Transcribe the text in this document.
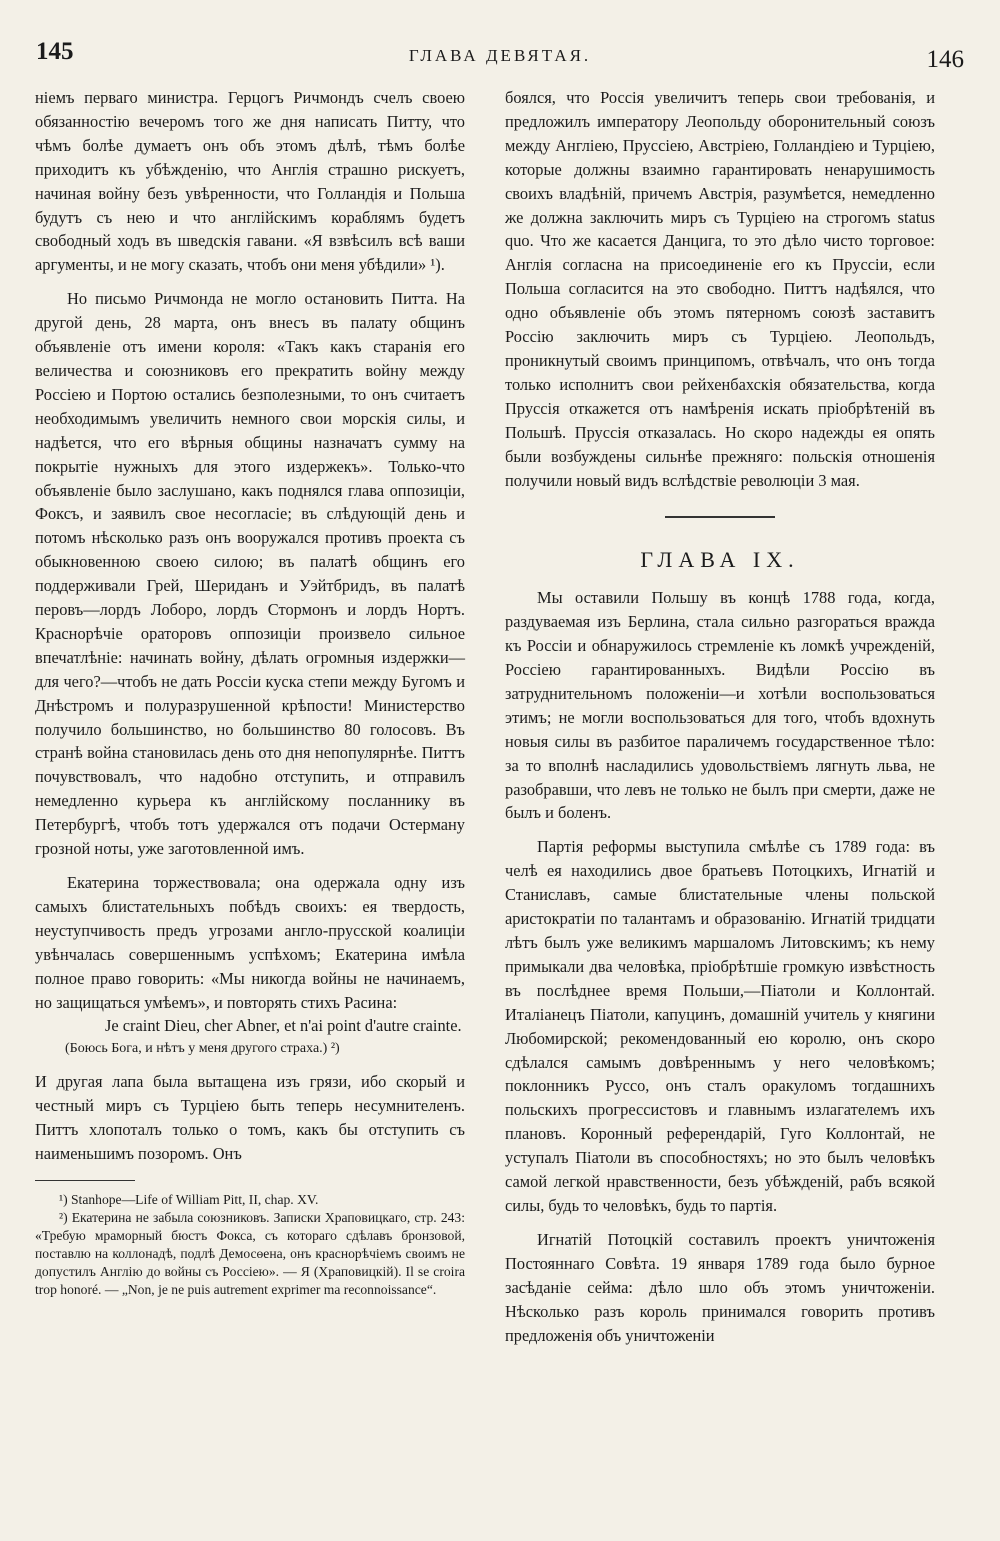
145	ГЛАВА ДЕВЯТАЯ.	146

ніемъ перваго министра. Герцогъ Ричмондъ счелъ своею обязанностію вечеромъ того же дня написать Питту, что чѣмъ болѣе думаетъ онъ объ этомъ дѣлѣ, тѣмъ болѣе приходитъ къ убѣжденію, что Англія страшно рискуетъ, начиная войну безъ увѣренности, что Голландія и Польша будутъ съ нею и что англійскимъ кораблямъ будетъ свободный ходъ въ шведскія гавани. «Я взвѣсилъ всѣ ваши аргументы, и не могу сказать, чтобъ они меня убѣдили» ¹).

Но письмо Ричмонда не могло остановить Питта. На другой день, 28 марта, онъ внесъ въ палату общинъ объявленіе отъ имени короля: «Такъ какъ старанія его величества и союзниковъ его прекратить войну между Россіею и Портою остались безполезными, то онъ считаетъ необходимымъ увеличить немного свои морскія силы, и надѣется, что его вѣрныя общины назначатъ сумму на покрытіе нужныхъ для этого издержекъ». Только-что объявленіе было заслушано, какъ поднялся глава оппозиціи, Фоксъ, и заявилъ свое несогласіе; въ слѣдующій день и потомъ нѣсколько разъ онъ вооружался противъ проекта съ обыкновенною своею силою; въ палатѣ общинъ его поддерживали Грей, Шериданъ и Уэйтбридъ, въ палатѣ перовъ—лордъ Лоборо, лордъ Стормонъ и лордъ Нортъ. Краснорѣчіе ораторовъ оппозиціи произвело сильное впечатлѣніе: начинать войну, дѣлать огромныя издержки—для чего?—чтобъ не дать Россіи куска степи между Бугомъ и Днѣстромъ и полуразрушенной крѣпости! Министерство получило большинство, но большинство 80 голосовъ. Въ странѣ война становилась день ото дня непопулярнѣе. Питтъ почувствовалъ, что надобно отступить, и отправилъ немедленно курьера къ англійскому посланнику въ Петербургѣ, чтобъ тотъ удержался отъ подачи Остерману грозной ноты, уже заготовленной имъ.

Екатерина торжествовала; она одержала одну изъ самыхъ блистательныхъ побѣдъ своихъ: ея твердость, неуступчивость предъ угрозами англо-прусской коалиціи увѣнчалась совершеннымъ успѣхомъ; Екатерина имѣла полное право говорить: «Мы никогда войны не начинаемъ, но защищаться умѣемъ», и повторять стихъ Расина:

Je craint Dieu, cher Abner, et n'ai point d'autre crainte.
(Боюсь Бога, и нѣтъ у меня другого страха.) ²)

И другая лапа была вытащена изъ грязи, ибо скорый и честный миръ съ Турціею быть теперь несумнителенъ. Питтъ хлопоталъ только о томъ, какъ бы отступить съ наименьшимъ позоромъ. Онъ

¹) Stanhope—Life of William Pitt, II, chap. XV.

²) Екатерина не забыла союзниковъ. Записки Храповицкаго, стр. 243: «Требую мраморный бюстъ Фокса, съ котораго сдѣлавъ бронзовой, поставлю на коллонадѣ, подлѣ Демосѳена, онъ краснорѣчіемъ своимъ не допустилъ Англію до войны съ Россіею». — Я (Храповицкій). Il se croira trop honoré. — „Non, je ne puis autrement exprimer ma reconnoissance“.

боялся, что Россія увеличитъ теперь свои требованія, и предложилъ императору Леопольду оборонительный союзъ между Англіею, Пруссіею, Австріею, Голландіею и Турціею, которые должны взаимно гарантировать ненарушимость своихъ владѣній, причемъ Австрія, разумѣется, немедленно же должна заключить миръ съ Турціею на строгомъ status quo. Что же касается Данцига, то это дѣло чисто торговое: Англія согласна на присоединеніе его къ Пруссіи, если Польша согласится на это свободно. Питтъ надѣялся, что одно объявленіе объ этомъ пятерномъ союзѣ заставитъ Россію заключить миръ съ Турціею. Леопольдъ, проникнутый своимъ принципомъ, отвѣчалъ, что онъ тогда только исполнитъ свои рейхенбахскія обязательства, когда Пруссія откажется отъ намѣренія искать пріобрѣтеній въ Польшѣ. Пруссія отказалась. Но скоро надежды ея опять были возбуждены сильнѣе прежняго: польскія отношенія получили новый видъ вслѣдствіе революціи 3 мая.

ГЛАВА IX.

Мы оставили Польшу въ концѣ 1788 года, когда, раздуваемая изъ Берлина, стала сильно разгораться вражда къ Россіи и обнаружилось стремленіе къ ломкѣ учрежденій, Россіею гарантированныхъ. Видѣли Россію въ затруднительномъ положеніи—и хотѣли воспользоваться этимъ; не могли воспользоваться для того, чтобъ вдохнуть новыя силы въ разбитое параличемъ государственное тѣло: за то вполнѣ насладились удовольствіемъ лягнуть льва, не разобравши, что левъ не только не былъ при смерти, даже не былъ и боленъ.

Партія реформы выступила смѣлѣе съ 1789 года: въ челѣ ея находились двое братьевъ Потоцкихъ, Игнатій и Станиславъ, самые блистательные члены польской аристократіи по талантамъ и образованію. Игнатій тридцати лѣтъ былъ уже великимъ маршаломъ Литовскимъ; къ нему примыкали два человѣка, пріобрѣтшіе громкую извѣстность въ послѣднее время Польши,—Піатоли и Коллонтай. Италіанецъ Піатоли, капуцинъ, домашній учитель у княгини Любомирской; рекомендованный ею королю, онъ скоро сдѣлался самымъ довѣреннымъ у него человѣкомъ; поклонникъ Руссо, онъ сталъ оракуломъ тогдашнихъ польскихъ прогрессистовъ и главнымъ излагателемъ ихъ плановъ. Коронный референдарій, Гуго Коллонтай, не уступалъ Піатоли въ способностяхъ; но это былъ человѣкъ самой легкой нравственности, безъ убѣжденій, рабъ всякой силы, будь то человѣкъ, будь то партія.

Игнатій Потоцкій составилъ проектъ уничтоженія Постояннаго Совѣта. 19 января 1789 года было бурное засѣданіе сейма: дѣло шло объ этомъ уничтоженіи. Нѣсколько разъ король принимался говорить противъ предложенія объ уничтоженіи
